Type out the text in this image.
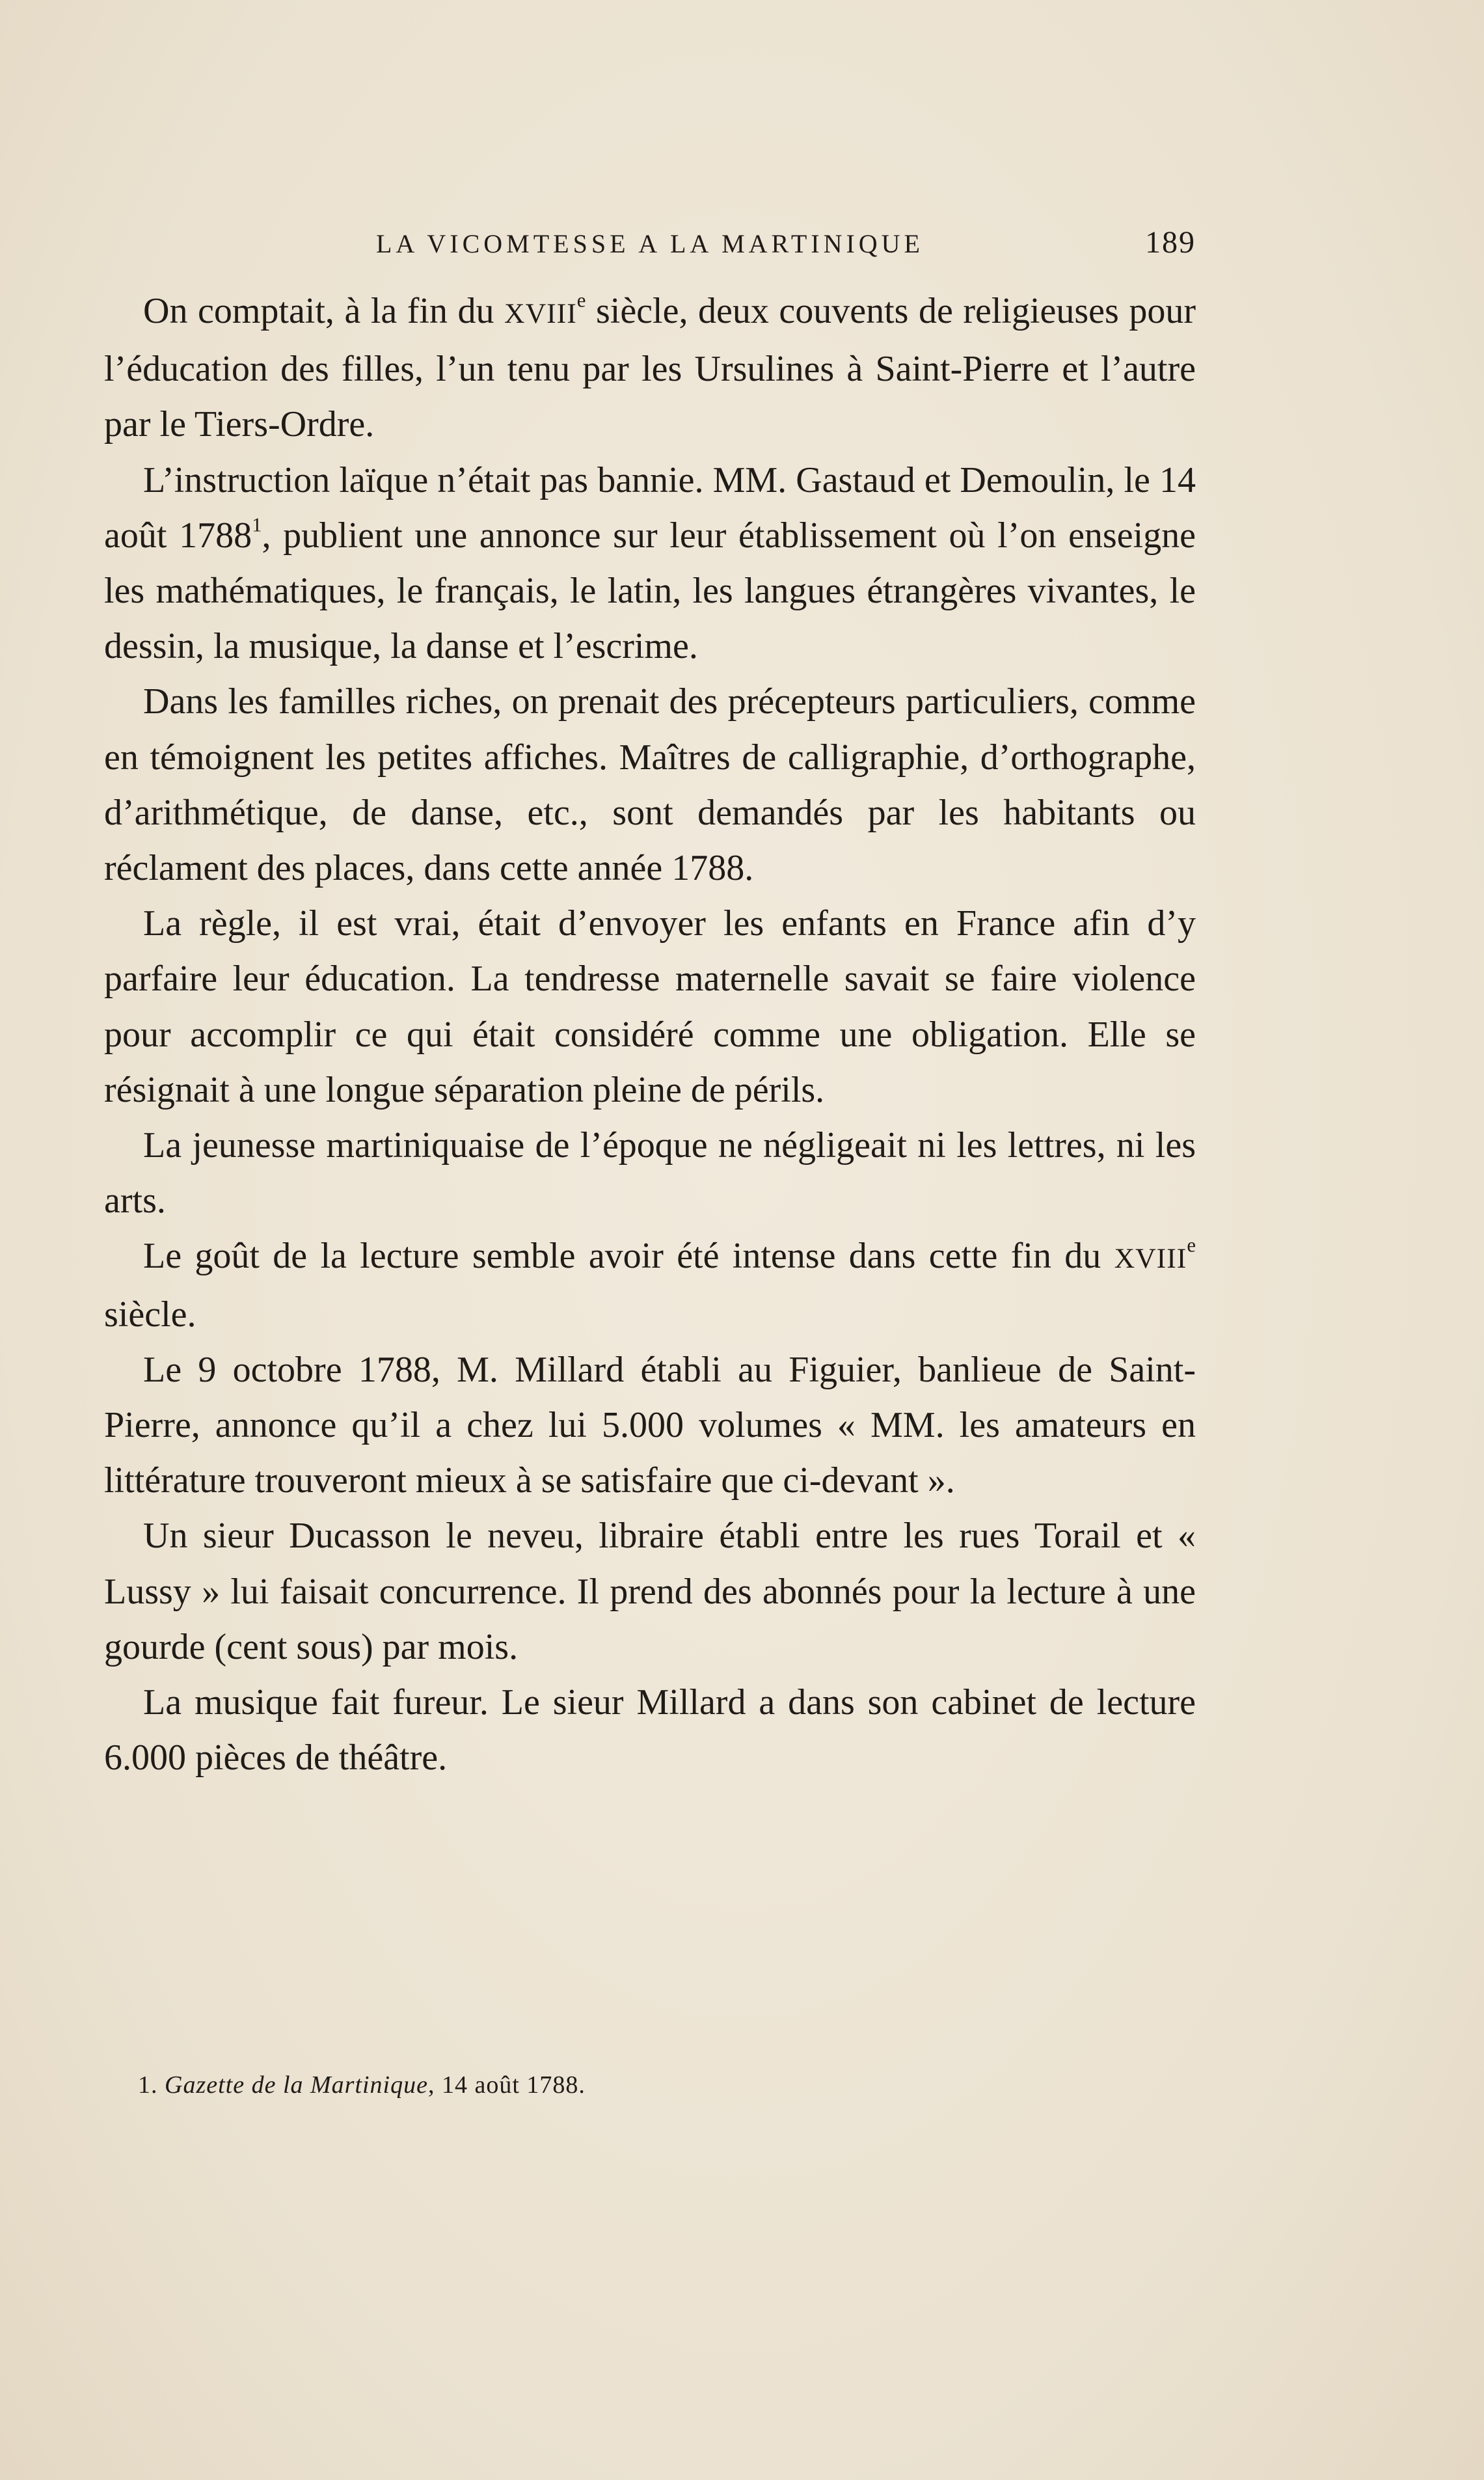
LA VICOMTESSE A LA MARTINIQUE	189

On comptait, à la fin du XVIIIe siècle, deux couvents de religieuses pour l’éducation des filles, l’un tenu par les Ursulines à Saint-Pierre et l’autre par le Tiers-Ordre.

L’instruction laïque n’était pas bannie. MM. Gastaud et Demoulin, le 14 août 1788$^1$, publient une annonce sur leur établissement où l’on enseigne les mathématiques, le français, le latin, les langues étrangères vivantes, le dessin, la musique, la danse et l’escrime.

Dans les familles riches, on prenait des précepteurs particuliers, comme en témoignent les petites affiches. Maîtres de calligraphie, d’orthographe, d’arithmétique, de danse, etc., sont demandés par les habitants ou réclament des places, dans cette année 1788.

La règle, il est vrai, était d’envoyer les enfants en France afin d’y parfaire leur éducation. La tendresse maternelle savait se faire violence pour accomplir ce qui était considéré comme une obligation. Elle se résignait à une longue séparation pleine de périls.

La jeunesse martiniquaise de l’époque ne négligeait ni les lettres, ni les arts.

Le goût de la lecture semble avoir été intense dans cette fin du XVIIIe siècle.

Le 9 octobre 1788, M. Millard établi au Figuier, banlieue de Saint-Pierre, annonce qu’il a chez lui 5.000 volumes « MM. les amateurs en littérature trouveront mieux à se satisfaire que ci-devant ».

Un sieur Ducasson le neveu, libraire établi entre les rues Torail et « Lussy » lui faisait concurrence. Il prend des abonnés pour la lecture à une gourde (cent sous) par mois.

La musique fait fureur. Le sieur Millard a dans son cabinet de lecture 6.000 pièces de théâtre.

1. Gazette de la Martinique, 14 août 1788.
